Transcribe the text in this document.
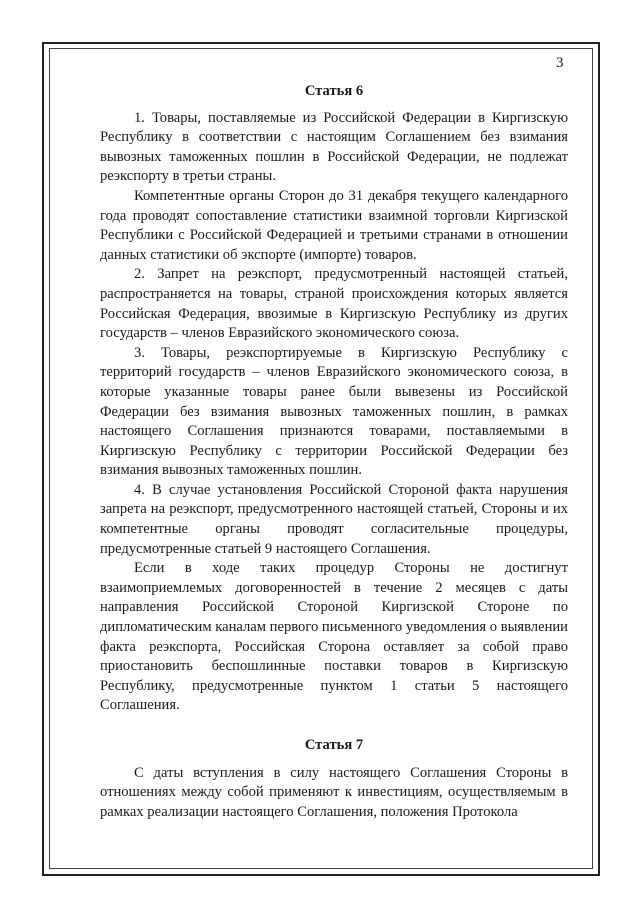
3
Статья 6

1. Товары, поставляемые из Российской Федерации в Киргизскую Республику в соответствии с настоящим Соглашением без взимания вывозных таможенных пошлин в Российской Федерации, не подлежат реэкспорту в третьи страны.

Компетентные органы Сторон до 31 декабря текущего календарного года проводят сопоставление статистики взаимной торговли Киргизской Республики с Российской Федерацией и третьими странами в отношении данных статистики об экспорте (импорте) товаров.

2. Запрет на реэкспорт, предусмотренный настоящей статьей, распространяется на товары, страной происхождения которых является Российская Федерация, ввозимые в Киргизскую Республику из других государств – членов Евразийского экономического союза.

3. Товары, реэкспортируемые в Киргизскую Республику с территорий государств – членов Евразийского экономического союза, в которые указанные товары ранее были вывезены из Российской Федерации без взимания вывозных таможенных пошлин, в рамках настоящего Соглашения признаются товарами, поставляемыми в Киргизскую Республику с территории Российской Федерации без взимания вывозных таможенных пошлин.

4. В случае установления Российской Стороной факта нарушения запрета на реэкспорт, предусмотренного настоящей статьей, Стороны и их компетентные органы проводят согласительные процедуры, предусмотренные статьей 9 настоящего Соглашения.

Если в ходе таких процедур Стороны не достигнут взаимоприемлемых договоренностей в течение 2 месяцев с даты направления Российской Стороной Киргизской Стороне по дипломатическим каналам первого письменного уведомления о выявлении факта реэкспорта, Российская Сторона оставляет за собой право приостановить беспошлинные поставки товаров в Киргизскую Республику, предусмотренные пунктом 1 статьи 5 настоящего Соглашения.

Статья 7

С даты вступления в силу настоящего Соглашения Стороны в отношениях между собой применяют к инвестициям, осуществляемым в рамках реализации настоящего Соглашения, положения Протокола
